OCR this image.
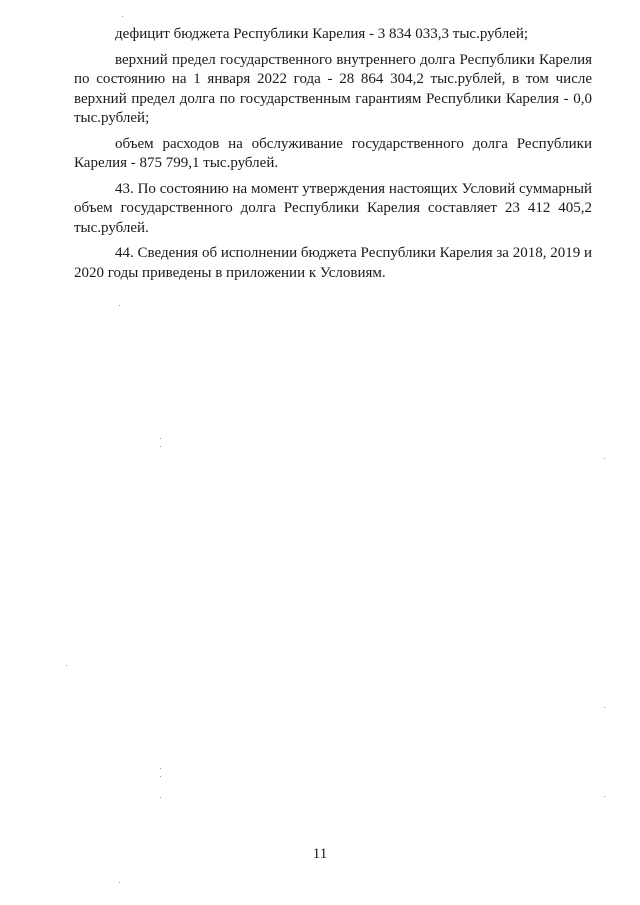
дефицит бюджета Республики Карелия - 3 834 033,3 тыс.рублей;

верхний предел государственного внутреннего долга Республики Карелия по состоянию на 1 января 2022 года - 28 864 304,2 тыс.рублей, в том числе верхний предел долга по государственным гарантиям Республики Карелия - 0,0 тыс.рублей;

объем расходов на обслуживание государственного долга Республики Карелия - 875 799,1 тыс.рублей.

43. По состоянию на момент утверждения настоящих Условий суммарный объем государственного долга Республики Карелия составляет 23 412 405,2 тыс.рублей.

44. Сведения об исполнении бюджета Республики Карелия за 2018, 2019 и 2020 годы приведены в приложении к Условиям.

11
